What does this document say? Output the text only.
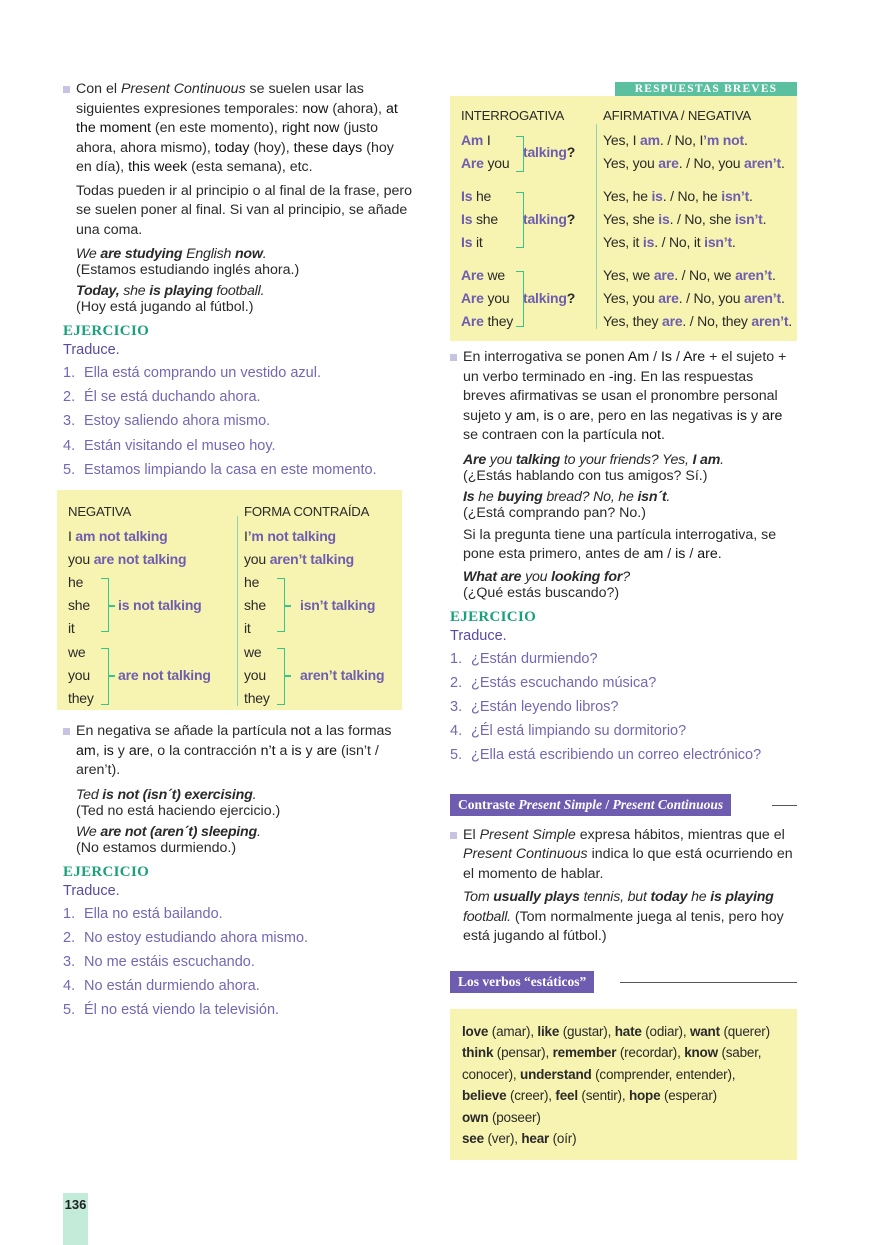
Con el Present Continuous se suelen usar las siguientes expresiones temporales: now (ahora), at the moment (en este momento), right now (justo ahora, ahora mismo), today (hoy), these days (hoy en día), this week (esta semana), etc.

Todas pueden ir al principio o al final de la frase, pero se suelen poner al final. Si van al principio, se añade una coma.

We are studying English now.
(Estamos estudiando inglés ahora.)
Today, she is playing football.
(Hoy está jugando al fútbol.)
EJERCICIO
Traduce.
1. Ella está comprando un vestido azul.
2. Él se está duchando ahora.
3. Estoy saliendo ahora mismo.
4. Están visitando el museo hoy.
5. Estamos limpiando la casa en este momento.
NEGATIVA	FORMA CONTRAÍDA
I am not talking
you are not talking
he
she
it
is not talking
we
you
they
are not talking
I’m not talking
you aren’t talking
he
she
it
isn’t talking
we
you
they
aren’t talking

En negativa se añade la partícula not a las formas am, is y are, o la contracción n’t a is y are (isn’t / aren’t).

Ted is not (isn´t) exercising.
(Ted no está haciendo ejercicio.)
We are not (aren´t) sleeping.
(No estamos durmiendo.)
EJERCICIO
Traduce.
1. Ella no está bailando.
2. No estoy estudiando ahora mismo.
3. No me estáis escuchando.
4. No están durmiendo ahora.
5. Él no está viendo la televisión.
136
RESPUESTAS BREVES
INTERROGATIVA	AFIRMATIVA / NEGATIVA
Am I
Are you
talking?
Yes, I am. / No, I’m not.
Yes, you are. / No, you aren’t.
Is he
Is she
Is it
talking?
Yes, he is. / No, he isn’t.
Yes, she is. / No, she isn’t.
Yes, it is. / No, it isn’t.
Are we
Are you
Are they
talking?
Yes, we are. / No, we aren’t.
Yes, you are. / No, you aren’t.
Yes, they are. / No, they aren’t.

En interrogativa se ponen Am / Is / Are + el sujeto + un verbo terminado en -ing. En las respuestas breves afirmativas se usan el pronombre personal sujeto y am, is o are, pero en las negativas is y are se contraen con la partícula not.

Are you talking to your friends? Yes, I am.
(¿Estás hablando con tus amigos? Sí.)
Is he buying bread? No, he isn´t.
(¿Está comprando pan? No.)

Si la pregunta tiene una partícula interrogativa, se pone esta primero, antes de am / is / are.

What are you looking for?
(¿Qué estás buscando?)
EJERCICIO
Traduce.
1. ¿Están durmiendo?
2. ¿Estás escuchando música?
3. ¿Están leyendo libros?
4. ¿Él está limpiando su dormitorio?
5. ¿Ella está escribiendo un correo electrónico?
Contraste Present Simple / Present Continuous

El Present Simple expresa hábitos, mientras que el Present Continuous indica lo que está ocurriendo en el momento de hablar.

Tom usually plays tennis, but today he is playing football. (Tom normalmente juega al tenis, pero hoy está jugando al fútbol.)

Los verbos “estáticos”
love (amar), like (gustar), hate (odiar), want (querer)
think (pensar), remember (recordar), know (saber, conocer), understand (comprender, entender),
believe (creer), feel (sentir), hope (esperar)
own (poseer)
see (ver), hear (oír)
